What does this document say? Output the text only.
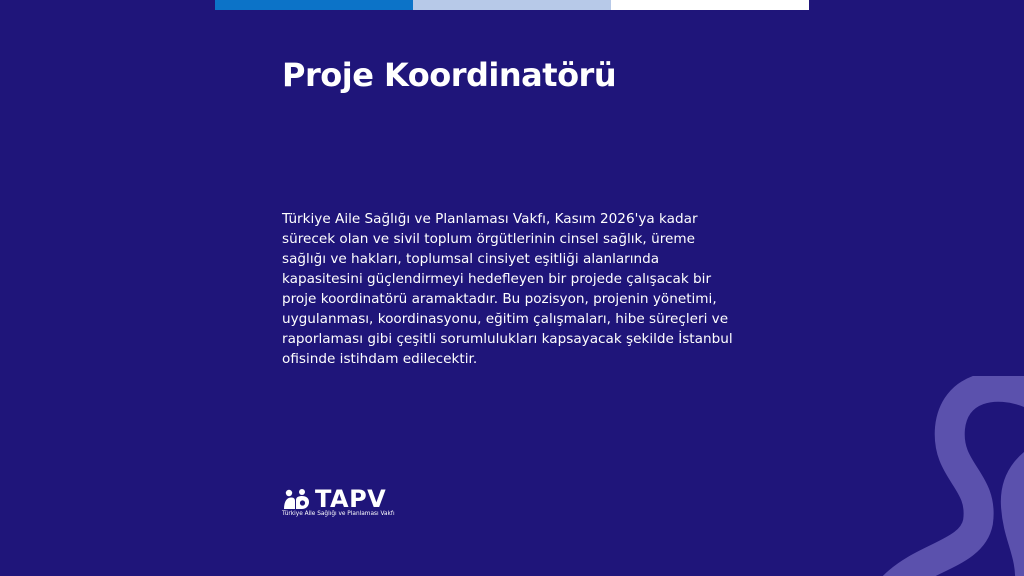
Proje Koordinatörü

Türkiye Aile Sağlığı ve Planlaması Vakfı, Kasım 2026'ya kadar sürecek olan ve sivil toplum örgütlerinin cinsel sağlık, üreme sağlığı ve hakları, toplumsal cinsiyet eşitliği alanlarında kapasitesini güçlendirmeyi hedefleyen bir projede çalışacak bir proje koordinatörü aramaktadır. Bu pozisyon, projenin yönetimi, uygulanması, koordinasyonu, eğitim çalışmaları, hibe süreçleri ve raporlaması gibi çeşitli sorumlulukları kapsayacak şekilde İstanbul ofisinde istihdam edilecektir.

TAPV
Türkiye Aile Sağlığı ve Planlaması Vakfı
